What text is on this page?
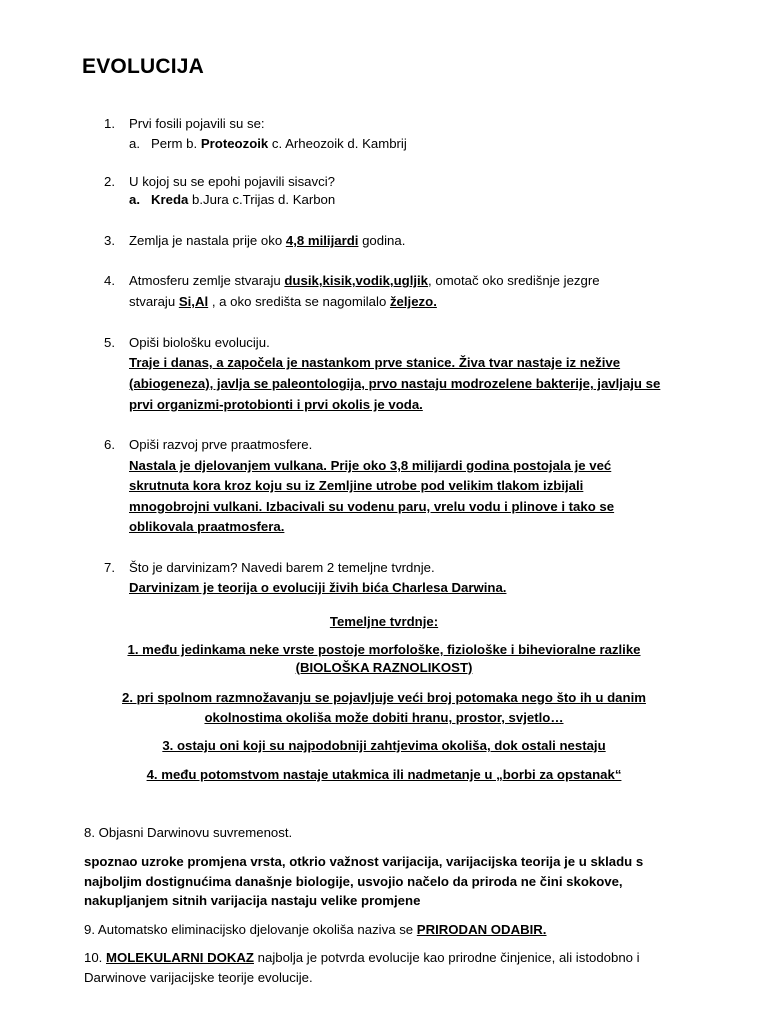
EVOLUCIJA
1. Prvi fosili pojavili su se:
a. Perm b. Proteozoik c. Arheozoik d. Kambrij
2. U kojoj su se epohi pojavili sisavci?
a. Kreda b.Jura c.Trijas d. Karbon
3. Zemlja je nastala prije oko 4,8 milijardi godina.
4. Atmosferu zemlje stvaraju dusik,kisik,vodik,ugljik, omotač oko središnje jezgre
stvaraju Si,Al , a oko središta se nagomilalo željezo.
5. Opiši biološku evoluciju.
Traje i danas, a započela je nastankom prve stanice. Živa tvar nastaje iz nežive
(abiogeneza), javlja se paleontologija, prvo nastaju modrozelene bakterije, javljaju se
prvi organizmi-protobionti i prvi okolis je voda.
6. Opiši razvoj prve praatmosfere.
Nastala je djelovanjem vulkana. Prije oko 3,8 milijardi godina postojala je već
skrutnuta kora kroz koju su iz Zemljine utrobe pod velikim tlakom izbijali
mnogobrojni vulkani. Izbacivali su vodenu paru, vrelu vodu i plinove i tako se
oblikovala praatmosfera.
7. Što je darvinizam? Navedi barem 2 temeljne tvrdnje.
Darvinizam je teorija o evoluciji živih bića Charlesa Darwina.
Temeljne tvrdnje:
1. među jedinkama neke vrste postoje morfološke, fiziološke i bihevioralne razlike
(BIOLOŠKA RAZNOLIKOST)
2. pri spolnom razmnožavanju se pojavljuje veći broj potomaka nego što ih u danim
okolnostima okoliša može dobiti hranu, prostor, svjetlo…
3. ostaju oni koji su najpodobniji zahtjevima okoliša, dok ostali nestaju
4. među potomstvom nastaje utakmica ili nadmetanje u „borbi za opstanak“
8. Objasni Darwinovu suvremenost.
spoznao uzroke promjena vrsta, otkrio važnost varijacija, varijacijska teorija je u skladu s
najboljim dostignućima današnje biologije, usvojio načelo da priroda ne čini skokove,
nakupljanjem sitnih varijacija nastaju velike promjene
9. Automatsko eliminacijsko djelovanje okoliša naziva se PRIRODAN ODABIR.
10. MOLEKULARNI DOKAZ najbolja je potvrda evolucije kao prirodne činjenice, ali istodobno i
Darwinove varijacijske teorije evolucije.
